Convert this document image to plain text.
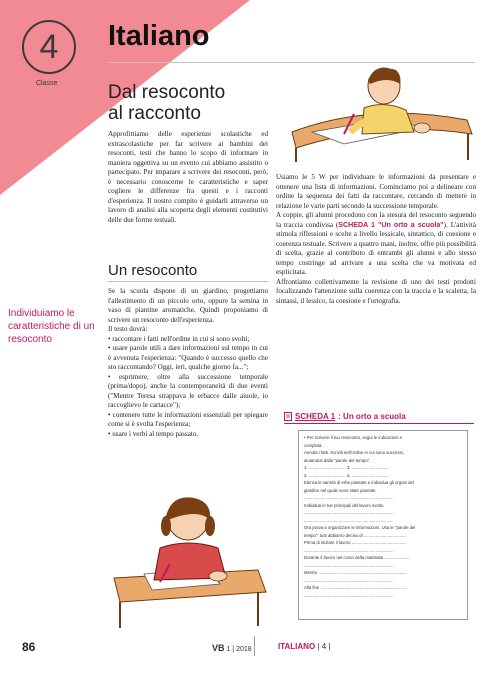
4
Classe
Italiano
Dal resoconto
al racconto
Approfittiamo delle esperienze scolastiche ed extrascolastiche per far scrivere ai bambini dei resoconti, testi che hanno lo scopo di informare in maniera oggettiva su un evento cui abbiamo assistito o partecipato. Per imparare a scrivere dei resoconti, però, è necessario conoscerne le caratteristiche e saper cogliere le differenze fra questi e i racconti d'esperienza. Il nostro compito è guidarli attraverso un lavoro di analisi alla scoperta degli elementi costitutivi delle due forme testuali.
Un resoconto
Individuiamo le caratteristiche di un resoconto

Se la scuola dispone di un giardino, progettiamo l'allestimento di un piccolo orto, oppure la semina in vaso di piantine aromatiche. Quindi proponiamo di scrivere un resoconto dell'esperienza.

Il testo dovrà:

• raccontare i fatti nell'ordine in cui si sono svolti;

• usare parole utili a dare informazioni sul tempo in cui è avvenuta l'esperienza: "Quando è successo quello che sto raccontando? Oggi, ieri, qualche giorno fa...";

• esprimere, oltre alla successione temporale (prima/dopo), anche la contemporaneità di due eventi ("Mentre Teresa strappava le erbacce dalle aiuole, io raccoglievo le cartacce");

• contenere tutte le informazioni essenziali per spiegare come si è svolta l'esperienza;

• usare i verbi al tempo passato.

Usiamo le 5 W per individuare le informazioni da presentare e ottenere una lista di informazioni. Cominciamo poi a delineare con ordine la sequenza dei fatti da raccontare, cercando di mettere in relazione le varie parti secondo la successione temporale.

A coppie, gli alunni procedono con la stesura del resoconto seguendo la traccia condivisa (SCHEDA 1 "Un orto a scuola"). L'attività stimola riflessioni e scelte a livello lessicale, sintattico, di coesione e coerenza testuale. Scrivere a quattro mani, inoltre, offre più possibilità di scelta, grazie al contributo di entrambi gli alunni e allo stesso tempo costringe ad arrivare a una scelta che va motivata ed esplicitata.

Affrontiamo collettivamente la revisione di uno dei testi prodotti focalizzando l'attenzione sulla coerenza con la traccia e la scaletta, la sintassi, il lessico, la coesione e l'ortografia.

SCHEDA 1 : Un orto a scuola
• Per scrivere il tuo resoconto, segui le indicazioni e
completa.
Annota i fatti. Scrivili nell'ordine in cui sono successi,
aiutandoti dalla "parole del tempo".
1. ............................... 3. ...............................
2. ............................... 4. ...............................
Elenca le varietà di erbe piantate e individua gli organi del
giardino nel quale sono state piantate.
...........................................................................
Individua le tue principali del lavoro svolto.
...........................................................................
...........................................................................
Ora prova a organizzare le informazioni. Usa le "parole del
tempo": tutti abbiamo deciso di ...................................
Prima di iniziare il lavoro ..............................................
...........................................................................
Durante il lavoro nel corso della mattinata .....................
...........................................................................
Mentre ..........................................................................
...........................................................................
Alla fine .........................................................................
...........................................................................
86	VB 1 | 2018	ITALIANO | 4 |
